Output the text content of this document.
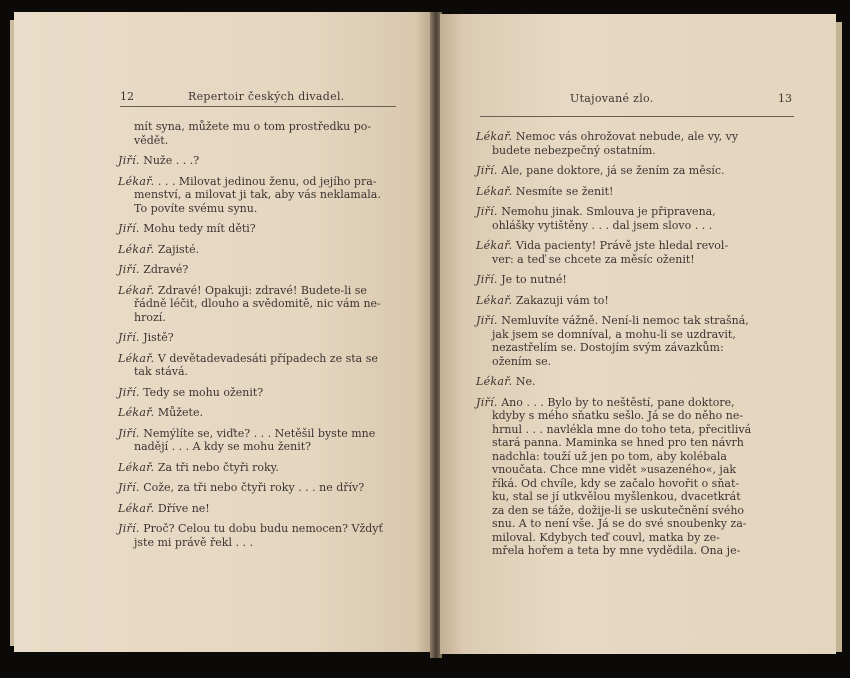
12	Repertoir českých divadel.

mít syna, můžete mu o tom prostředku po-
vědět.

Jiří. Nuže . . .?

Lékař. . . . Milovat jedinou ženu, od jejího pra-
menství, a milovat ji tak, aby vás neklamala.
To povíte svému synu.

Jiří. Mohu tedy mít děti?

Lékař. Zajisté.

Jiří. Zdravé?

Lékař. Zdravé! Opakuji: zdravé! Budete-li se
řádně léčit, dlouho a svědomitě, nic vám ne-
hrozí.

Jiří. Jistě?

Lékař. V devětadevadesáti případech ze sta se
tak stává.

Jiří. Tedy se mohu oženit?

Lékař. Můžete.

Jiří. Nemýlíte se, viďte? . . . Netěšil byste mne
nadějí . . . A kdy se mohu ženit?

Lékař. Za tři nebo čtyři roky.

Jiří. Cože, za tři nebo čtyři roky . . . ne dřív?

Lékař. Dříve ne!

Jiří. Proč? Celou tu dobu budu nemocen? Vždyť
jste mi právě řekl . . .

Utajované zlo.	13

Lékař. Nemoc vás ohrožovat nebude, ale vy, vy
budete nebezpečný ostatním.

Jiří. Ale, pane doktore, já se žením za měsíc.

Lékař. Nesmíte se ženit!

Jiří. Nemohu jinak. Smlouva je připravena,
ohlášky vytištěny . . . dal jsem slovo . . .

Lékař. Vida pacienty! Právě jste hledal revol-
ver: a teď se chcete za měsíc oženit!

Jiří. Je to nutné!

Lékař. Zakazuji vám to!

Jiří. Nemluvíte vážně. Není-li nemoc tak strašná,
jak jsem se domníval, a mohu-li se uzdravit,
nezastřelím se. Dostojím svým závazkům:
ožením se.

Lékař. Ne.

Jiří. Ano . . . Bylo by to neštěstí, pane doktore,
kdyby s mého sňatku sešlo. Já se do něho ne-
hrnul . . . navlékla mne do toho teta, přecitlivá
stará panna. Maminka se hned pro ten návrh
nadchla: touží už jen po tom, aby kolébala
vnoučata. Chce mne vidět »usazeného«, jak
říká. Od chvíle, kdy se začalo hovořit o sňat-
ku, stal se jí utkvělou myšlenkou, dvacetkrát
za den se táže, dožije-li se uskutečnění svého
snu. A to není vše. Já se do své snoubenky za-
miloval. Kdybych teď couvl, matka by ze-
mřela hořem a teta by mne vydědila. Ona je-
